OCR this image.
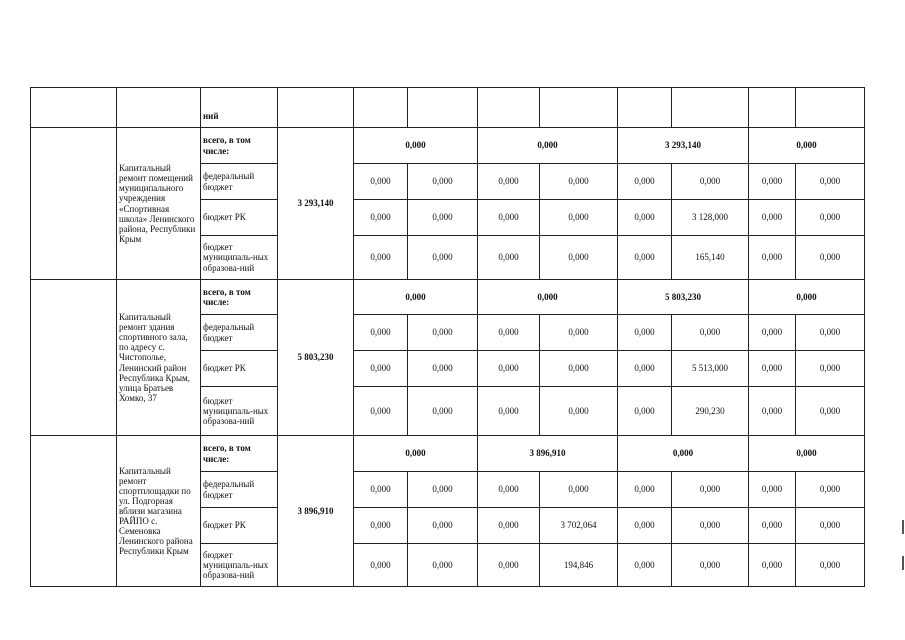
		ний									
	Капитальный ремонт помещений муниципального учреждения «Спортивная школа» Ленинского района, Республики Крым	всего, в том числе:	3 293,140	0,000		0,000		3 293,140		0,000	
		федеральный бюджет		0,000	0,000	0,000	0,000	0,000	0,000	0,000	0,000
		бюджет РК		0,000	0,000	0,000	0,000	0,000	3 128,000	0,000	0,000
		бюджет муниципаль-ных образова-ний		0,000	0,000	0,000	0,000	0,000	165,140	0,000	0,000
	Капитальный ремонт здания спортивного зала, по адресу с. Чистополье, Ленинский район Республика Крым, улица Братьев Хомко, 37	всего, в том числе:	5 803,230	0,000		0,000		5 803,230		0,000	
		федеральный бюджет		0,000	0,000	0,000	0,000	0,000	0,000	0,000	0,000
		бюджет РК		0,000	0,000	0,000	0,000	0,000	5 513,000	0,000	0,000
		бюджет муниципаль-ных образова-ний		0,000	0,000	0,000	0,000	0,000	290,230	0,000	0,000
	Капитальный ремонт спортплощадки по ул. Подгорная вблизи магазина РАЙПО с. Семеновка Ленинского района Республики Крым	всего, в том числе:	3 896,910	0,000		3 896,910		0,000		0,000	
		федеральный бюджет		0,000	0,000	0,000	0,000	0,000	0,000	0,000	0,000
		бюджет РК		0,000	0,000	0,000	3 702,064	0,000	0,000	0,000	0,000
		бюджет муниципаль-ных образова-ний		0,000	0,000	0,000	194,846	0,000	0,000	0,000	0,000
